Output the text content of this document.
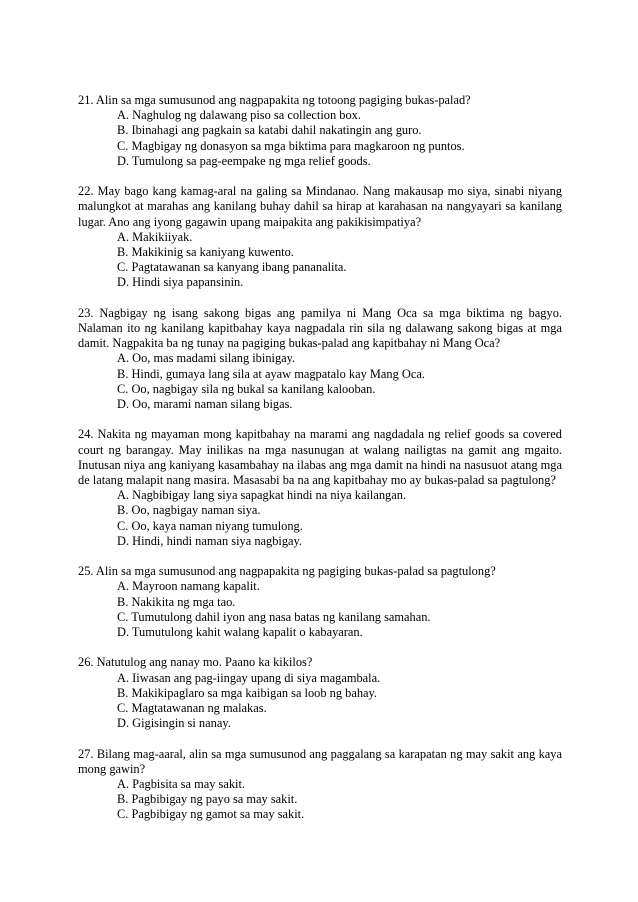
21. Alin sa mga sumusunod ang nagpapakita ng totoong pagiging bukas-palad?

A. Naghulog ng dalawang piso sa collection box.
B. Ibinahagi ang pagkain sa katabi dahil nakatingin ang guro.
C. Magbigay ng donasyon sa mga biktima para magkaroon ng puntos.
D. Tumulong sa pag-eempake ng mga relief goods.

22. May bago kang kamag-aral na galing sa Mindanao. Nang makausap mo siya, sinabi niyang malungkot at marahas ang kanilang buhay dahil sa hirap at karahasan na nangyayari sa kanilang lugar. Ano ang iyong gagawin upang maipakita ang pakikisimpatiya?

A. Makikiiyak.
B. Makikinig sa kaniyang kuwento.
C. Pagtatawanan sa kanyang ibang pananalita.
D. Hindi siya papansinin.

23. Nagbigay ng isang sakong bigas ang pamilya ni Mang Oca sa mga biktima ng bagyo. Nalaman ito ng kanilang kapitbahay kaya nagpadala rin sila ng dalawang sakong bigas at mga damit. Nagpakita ba ng tunay na pagiging bukas-palad ang kapitbahay ni Mang Oca?

A. Oo, mas madami silang ibinigay.
B. Hindi, gumaya lang sila at ayaw magpatalo kay Mang Oca.
C. Oo, nagbigay sila ng bukal sa kanilang kalooban.
D. Oo, marami naman silang bigas.

24. Nakita ng mayaman mong kapitbahay na marami ang nagdadala ng relief goods sa covered court ng barangay. May inilikas na mga nasunugan at walang nailigtas na gamit ang mgaito. Inutusan niya ang kaniyang kasambahay na ilabas ang mga damit na hindi na nasusuot atang mga de latang malapit nang masira. Masasabi ba na ang kapitbahay mo ay bukas-palad sa pagtulong?

A. Nagbibigay lang siya sapagkat hindi na niya kailangan.
B. Oo, nagbigay naman siya.
C. Oo, kaya naman niyang tumulong.
D. Hindi, hindi naman siya nagbigay.

25. Alin sa mga sumusunod ang nagpapakita ng pagiging bukas-palad sa pagtulong?

A. Mayroon namang kapalit.
B. Nakikita ng mga tao.
C. Tumutulong dahil iyon ang nasa batas ng kanilang samahan.
D. Tumutulong kahit walang kapalit o kabayaran.

26. Natutulog ang nanay mo. Paano ka kikilos?

A. Iiwasan ang pag-iingay upang di siya magambala.
B. Makikipaglaro sa mga kaibigan sa loob ng bahay.
C. Magtatawanan ng malakas.
D. Gigisingin si nanay.

27. Bilang mag-aaral, alin sa mga sumusunod ang paggalang sa karapatan ng may sakit ang kaya mong gawin?

A. Pagbisita sa may sakit.
B. Pagbibigay ng payo sa may sakit.
C. Pagbibigay ng gamot sa may sakit.
